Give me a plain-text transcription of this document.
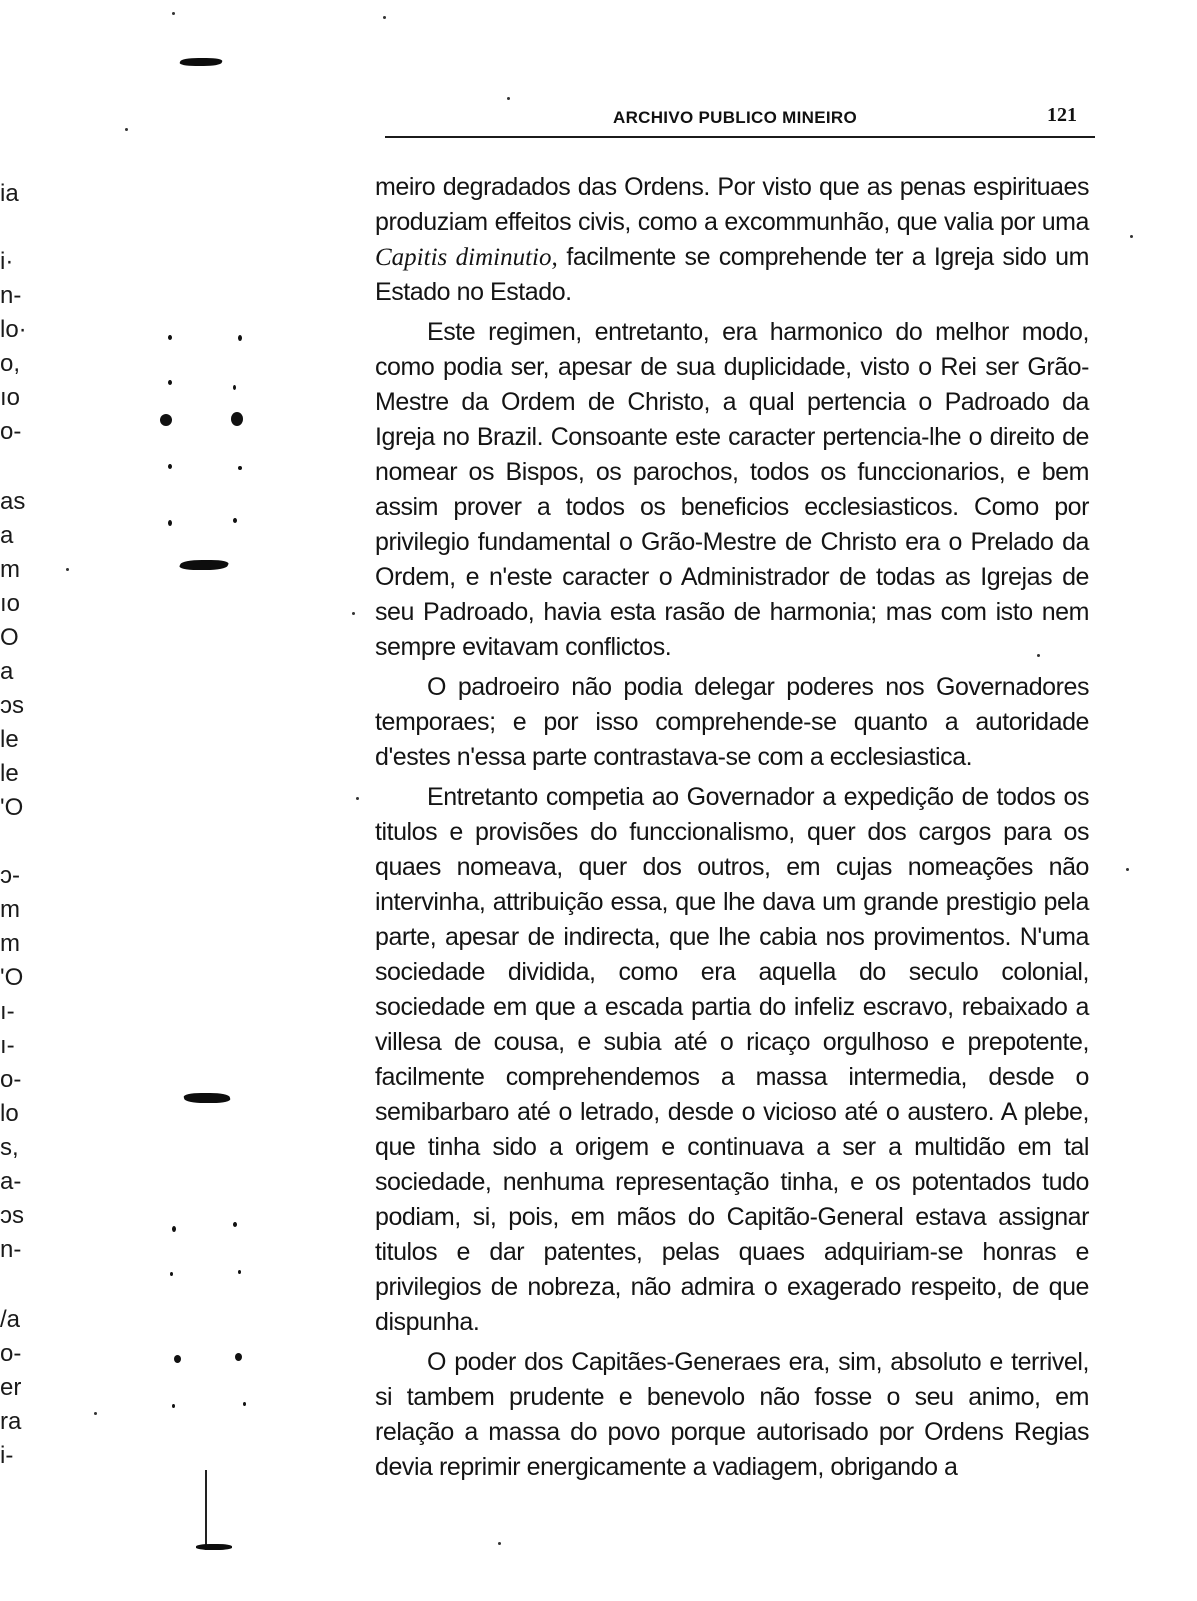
ia
i·
n-
lo·
o,
ıo
o-
as
a
m
ıo
O
a
ɔs
le
le
'O
ɔ-
m
m
'O
ı-
ı-
o-
lo
s,
a-
ɔs
n-
/a
o-
er
ra
i-
ARCHIVO PUBLICO MINEIRO	121

meiro degradados das Ordens. Por visto que as penas espirituaes produziam effeitos civis, como a excommunhão, que valia por uma Capitis diminutio, facilmente se comprehende ter a Igreja sido um Estado no Estado.

Este regimen, entretanto, era harmonico do melhor modo, como podia ser, apesar de sua duplicidade, visto o Rei ser Grão-Mestre da Ordem de Christo, a qual pertencia o Padroado da Igreja no Brazil. Consoante este caracter pertencia-lhe o direito de nomear os Bispos, os parochos, todos os funccionarios, e bem assim prover a todos os beneficios ecclesiasticos. Como por privilegio fundamental o Grão-Mestre de Christo era o Prelado da Ordem, e n'este caracter o Administrador de todas as Igrejas de seu Padroado, havia esta rasão de harmonia; mas com isto nem sempre evitavam conflictos.

O padroeiro não podia delegar poderes nos Governadores temporaes; e por isso comprehende-se quanto a autoridade d'estes n'essa parte contrastava-se com a ecclesiastica.

Entretanto competia ao Governador a expedição de todos os titulos e provisões do funccionalismo, quer dos cargos para os quaes nomeava, quer dos outros, em cujas nomeações não intervinha, attribuição essa, que lhe dava um grande prestigio pela parte, apesar de indirecta, que lhe cabia nos provimentos. N'uma sociedade dividida, como era aquella do seculo colonial, sociedade em que a escada partia do infeliz escravo, rebaixado a villesa de cousa, e subia até o ricaço orgulhoso e prepotente, facilmente comprehendemos a massa intermedia, desde o semibarbaro até o letrado, desde o vicioso até o austero. A plebe, que tinha sido a origem e continuava a ser a multidão em tal sociedade, nenhuma representação tinha, e os potentados tudo podiam, si, pois, em mãos do Capitão-General estava assignar titulos e dar patentes, pelas quaes adquiriam-se honras e privilegios de nobreza, não admira o exagerado respeito, de que dispunha.

O poder dos Capitães-Generaes era, sim, absoluto e terrivel, si tambem prudente e benevolo não fosse o seu animo, em relação a massa do povo porque autorisado por Ordens Regias devia reprimir energicamente a vadiagem, obrigando a
